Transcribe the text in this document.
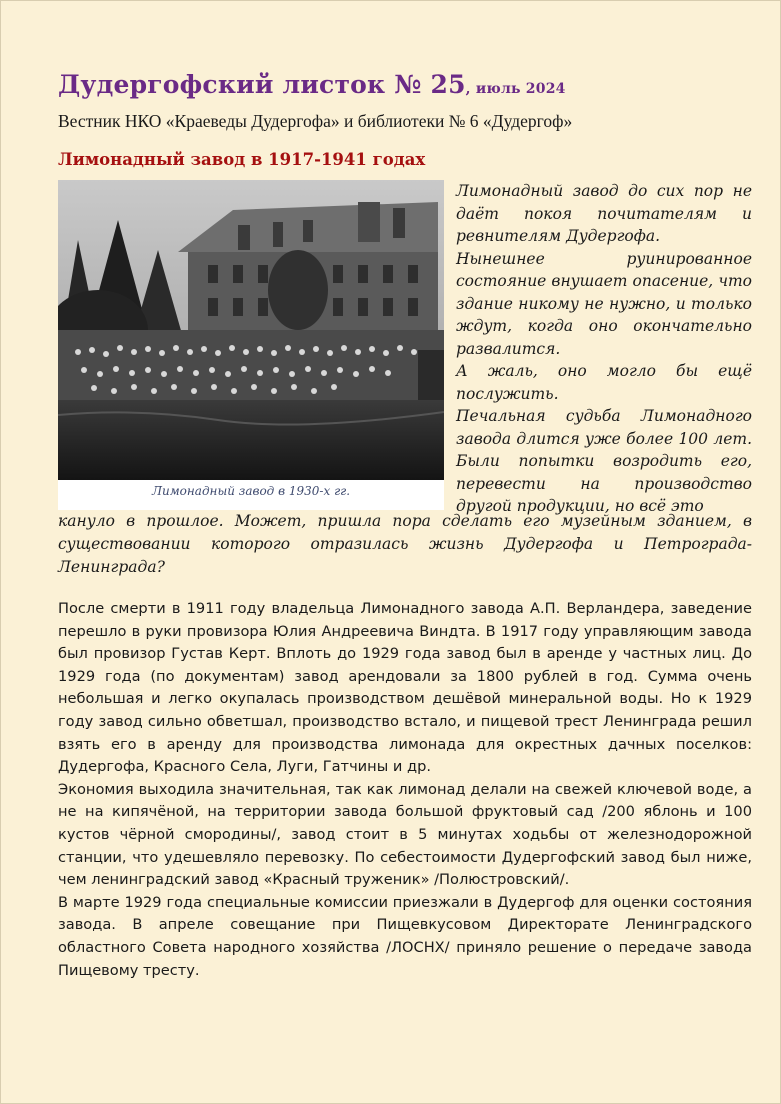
Дудергофский листок № 25, июль 2024
Вестник НКО «Краеведы Дудергофа» и библиотеки № 6 «Дудергоф»
Лимонадный завод в 1917-1941 годах
Лимонадный завод в 1930-х гг.

Лимонадный завод до сих пор не даёт покоя почитателям и ревнителям Дудергофа.

Нынешнее руинированное состояние внушает опасение, что здание никому не нужно, и только ждут, когда оно окончательно развалится.

А жаль, оно могло бы ещё послужить.

Печальная судьба Лимонадного завода длится уже более 100 лет. Были попытки возродить его, перевести на производство другой продукции, но всё это

кануло в прошлое. Может, пришла пора сделать его музейным зданием, в существовании которого отразилась жизнь Дудергофа и Петрограда-Ленинграда?

После смерти в 1911 году владельца Лимонадного завода А.П. Верландера, заведение перешло в руки провизора Юлия Андреевича Виндта. В 1917 году управляющим завода был провизор Густав Керт. Вплоть до 1929 года завод был в аренде у частных лиц. До 1929 года (по документам) завод арендовали за 1800 рублей в год. Сумма очень небольшая и легко окупалась производством дешёвой минеральной воды. Но к 1929 году завод сильно обветшал, производство встало, и пищевой трест Ленинграда решил взять его в аренду для производства лимонада для окрестных дачных поселков: Дудергофа, Красного Села, Луги, Гатчины и др.

Экономия выходила значительная, так как лимонад делали на свежей ключевой воде, а не на кипячёной, на территории завода большой фруктовый сад /200 яблонь и 100 кустов чёрной смородины/, завод стоит в 5 минутах ходьбы от железнодорожной станции, что удешевляло перевозку. По себестоимости Дудергофский завод был ниже, чем ленинградский завод «Красный труженик» /Полюстровский/.

В марте 1929 года специальные комиссии приезжали в Дудергоф для оценки состояния завода. В апреле совещание при Пищевкусовом Директорате Ленинградского областного Совета народного хозяйства /ЛОСНХ/ приняло решение о передаче завода Пищевому тресту.
